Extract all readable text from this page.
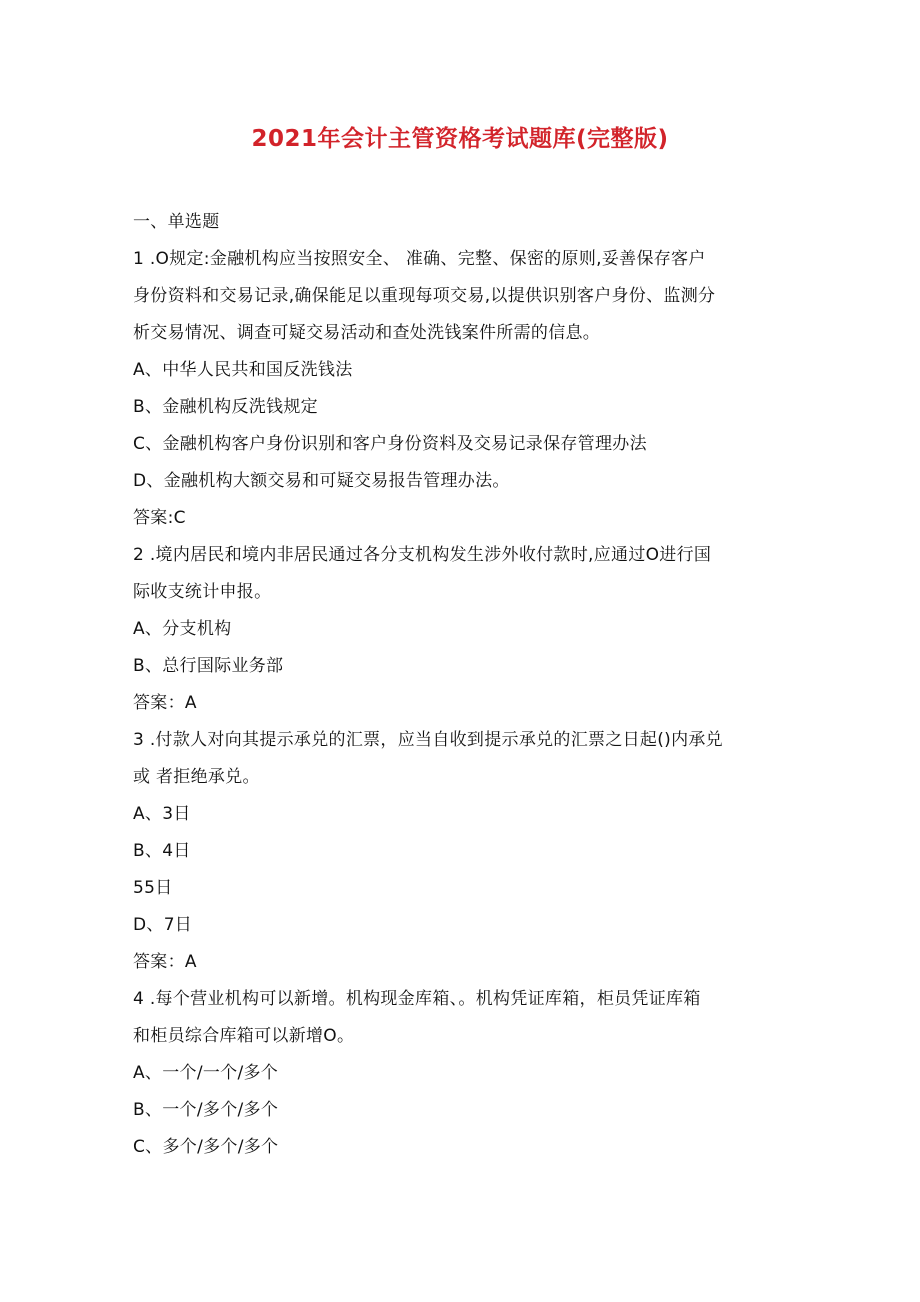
2021年会计主管资格考试题库(完整版)
一、单选题
1 .O规定:金融机构应当按照安全、 准确、完整、保密的原则,妥善保存客户
身份资料和交易记录,确保能足以重现每项交易,以提供识别客户身份、监测分
析交易情况、调查可疑交易活动和查处洗钱案件所需的信息。
A、中华人民共和国反洗钱法
B、金融机构反洗钱规定
C、金融机构客户身份识别和客户身份资料及交易记录保存管理办法
D、金融机构大额交易和可疑交易报告管理办法。
答案:C
2 .境内居民和境内非居民通过各分支机构发生涉外收付款时,应通过O进行国
际收支统计申报。
A、分支机构
B、总行国际业务部
答案：A
3 .付款人对向其提示承兑的汇票，应当自收到提示承兑的汇票之日起()内承兑
或 者拒绝承兑。
A、3日
B、4日
55日
D、7日
答案：A
4 .每个营业机构可以新增。机构现金库箱、。机构凭证库箱，柜员凭证库箱
和柜员综合库箱可以新增O。
A、一个/一个/多个
B、一个/多个/多个
C、多个/多个/多个
